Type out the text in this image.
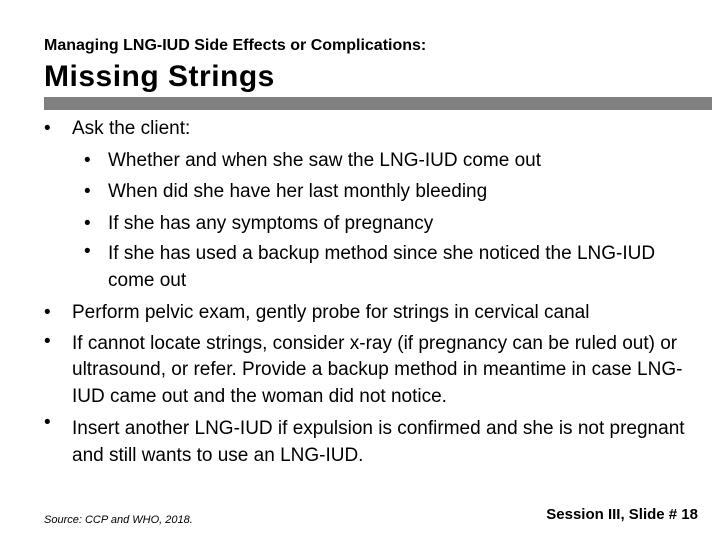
Managing LNG-IUD Side Effects or Complications:
Missing Strings
• Ask the client:
• Whether and when she saw the LNG-IUD come out
• When did she have her last monthly bleeding
• If she has any symptoms of pregnancy
• If she has used a backup method since she noticed the LNG-IUD come out
• Perform pelvic exam, gently probe for strings in cervical canal
• If cannot locate strings, consider x-ray (if pregnancy can be ruled out) or ultrasound, or refer. Provide a backup method in meantime in case LNG-IUD came out and the woman did not notice.
• Insert another LNG-IUD if expulsion is confirmed and she is not pregnant and still wants to use an LNG-IUD.
Source: CCP and WHO, 2018.	Session III, Slide # 18
